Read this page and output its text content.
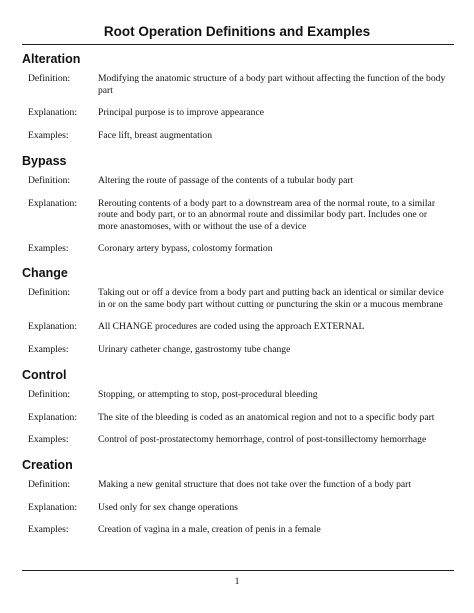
Root Operation Definitions and Examples
Alteration
Definition:	Modifying the anatomic structure of a body part without affecting the function of the body part
Explanation:	Principal purpose is to improve appearance
Examples:	Face lift, breast augmentation
Bypass
Definition:	Altering the route of passage of the contents of a tubular body part
Explanation:	Rerouting contents of a body part to a downstream area of the normal route, to a similar route and body part, or to an abnormal route and dissimilar body part. Includes one or more anastomoses, with or without the use of a device
Examples:	Coronary artery bypass, colostomy formation
Change
Definition:	Taking out or off a device from a body part and putting back an identical or similar device in or on the same body part without cutting or puncturing the skin or a mucous membrane
Explanation:	All CHANGE procedures are coded using the approach EXTERNAL
Examples:	Urinary catheter change, gastrostomy tube change
Control
Definition:	Stopping, or attempting to stop, post-procedural bleeding
Explanation:	The site of the bleeding is coded as an anatomical region and not to a specific body part
Examples:	Control of post-prostatectomy hemorrhage, control of post-tonsillectomy hemorrhage
Creation
Definition:	Making a new genital structure that does not take over the function of a body part
Explanation:	Used only for sex change operations
Examples:	Creation of vagina in a male, creation of penis in a female
1
